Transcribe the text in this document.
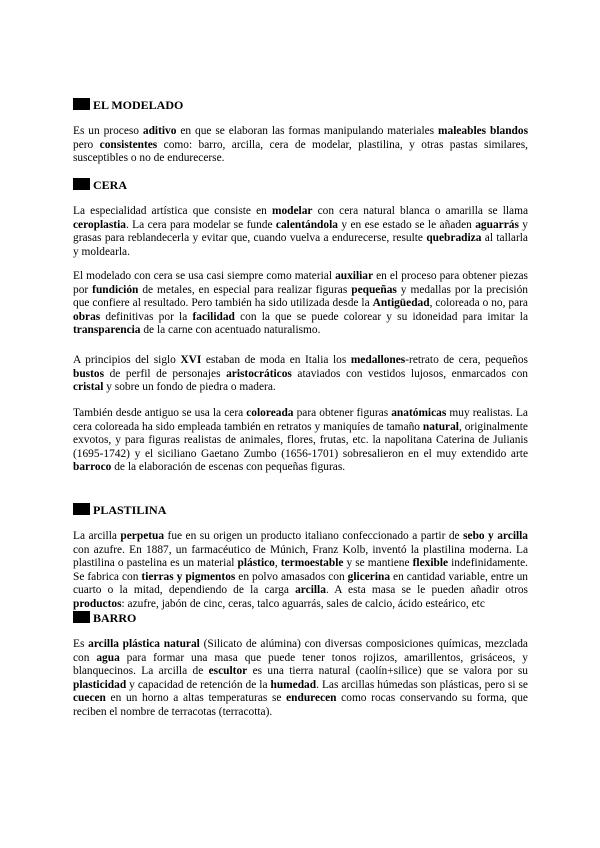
EL MODELADO
Es un proceso aditivo en que se elaboran las formas manipulando materiales maleables blandos pero consistentes como: barro, arcilla, cera de modelar, plastilina, y otras pastas similares, susceptibles o no de endurecerse.
CERA
La especialidad artística que consiste en modelar con cera natural blanca o amarilla se llama ceroplastia. La cera para modelar se funde calentándola y en ese estado se le añaden aguarrás y grasas para reblandecerla y evitar que, cuando vuelva a endurecerse, resulte quebradiza al tallarla y moldearla.
El modelado con cera se usa casi siempre como material auxiliar en el proceso para obtener piezas por fundición de metales, en especial para realizar figuras pequeñas y medallas por la precisión que confiere al resultado. Pero también ha sido utilizada desde la Antigüedad, coloreada o no, para obras definitivas por la facilidad con la que se puede colorear y su idoneidad para imitar la transparencia de la carne con acentuado naturalismo.
A principios del siglo XVI estaban de moda en Italia los medallones-retrato de cera, pequeños bustos de perfil de personajes aristocráticos ataviados con vestidos lujosos, enmarcados con cristal y sobre un fondo de piedra o madera.
También desde antiguo se usa la cera coloreada para obtener figuras anatómicas muy realistas. La cera coloreada ha sido empleada también en retratos y maniquíes de tamaño natural, originalmente exvotos, y para figuras realistas de animales, flores, frutas, etc. la napolitana Caterina de Julianis (1695-1742) y el siciliano Gaetano Zumbo (1656-1701) sobresalieron en el muy extendido arte barroco de la elaboración de escenas con pequeñas figuras.
PLASTILINA
La arcilla perpetua fue en su origen un producto italiano confeccionado a partir de sebo y arcilla con azufre. En 1887, un farmacéutico de Múnich, Franz Kolb, inventó la plastilina moderna. La plastilina o pastelina es un material plástico, termoestable y se mantiene flexible indefinidamente. Se fabrica con tierras y pigmentos en polvo amasados con glicerina en cantidad variable, entre un cuarto o la mitad, dependiendo de la carga arcilla. A esta masa se le pueden añadir otros productos: azufre, jabón de cinc, ceras, talco aguarrás, sales de calcio, ácido esteárico, etc
BARRO
Es arcilla plástica natural (Silicato de alúmina) con diversas composiciones químicas, mezclada con agua para formar una masa que puede tener tonos rojizos, amarillentos, grisáceos, y blanquecinos. La arcilla de escultor es una tierra natural (caolín+silice) que se valora por su plasticidad y capacidad de retención de la humedad. Las arcillas húmedas son plásticas, pero si se cuecen en un horno a altas temperaturas se endurecen como rocas conservando su forma, que reciben el nombre de terracotas (terracotta).
